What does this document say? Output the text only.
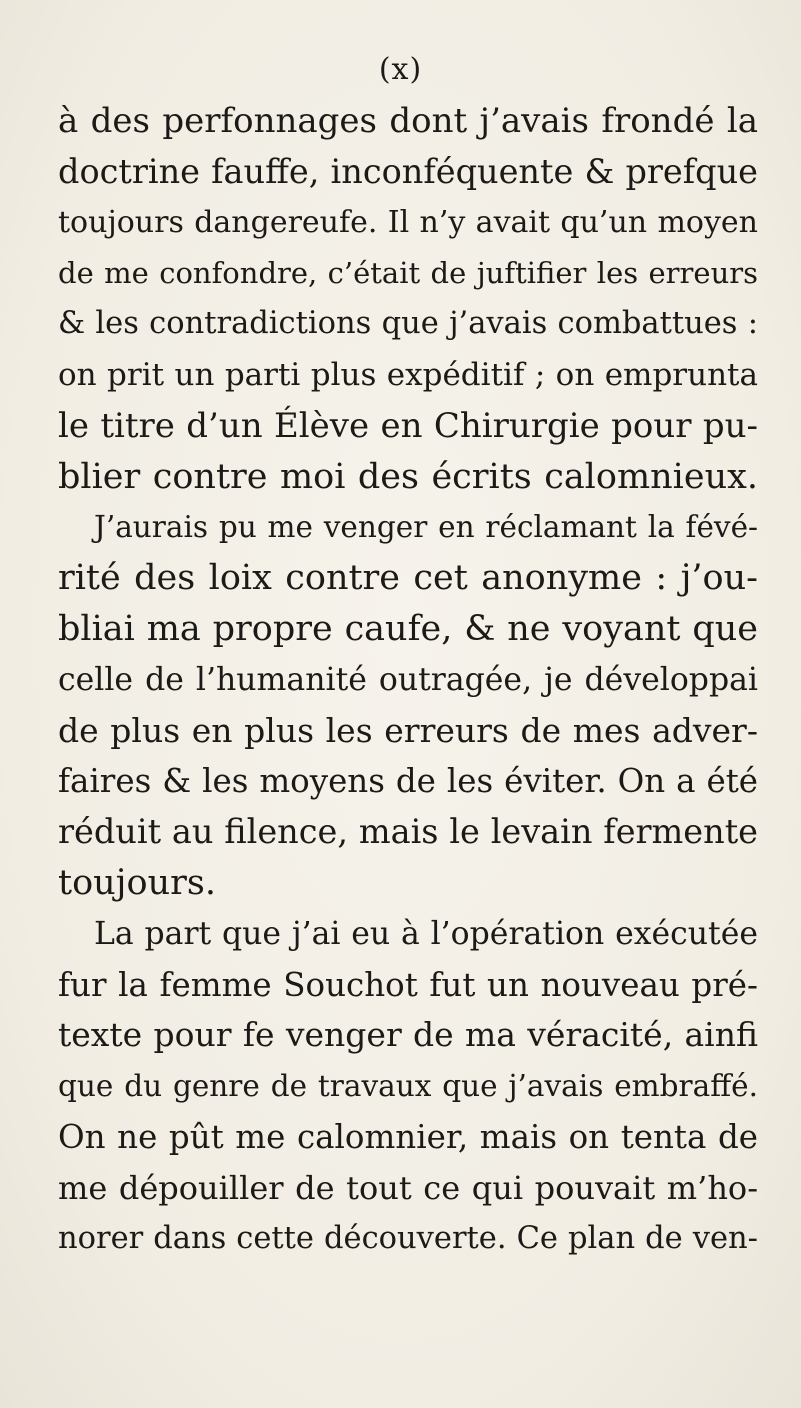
(x)
à des perfonnages dont j’avais frondé la
doctrine fauffe, inconféquente & prefque
toujours dangereufe. Il n’y avait qu’un moyen
de me confondre, c’était de juftifier les erreurs
& les contradictions que j’avais combattues :
on prit un parti plus expéditif ; on emprunta
le titre d’un Élève en Chirurgie pour pu-
blier contre moi des écrits calomnieux.
J’aurais pu me venger en réclamant la févé-
rité des loix contre cet anonyme : j’ou-
bliai ma propre caufe, & ne voyant que
celle de l’humanité outragée, je développai
de plus en plus les erreurs de mes adver-
faires & les moyens de les éviter. On a été
réduit au filence, mais le levain fermente
toujours.
La part que j’ai eu à l’opération exécutée
fur la femme Souchot fut un nouveau pré-
texte pour fe venger de ma véracité, ainfi
que du genre de travaux que j’avais embraffé.
On ne pût me calomnier, mais on tenta de
me dépouiller de tout ce qui pouvait m’ho-
norer dans cette découverte. Ce plan de ven-
